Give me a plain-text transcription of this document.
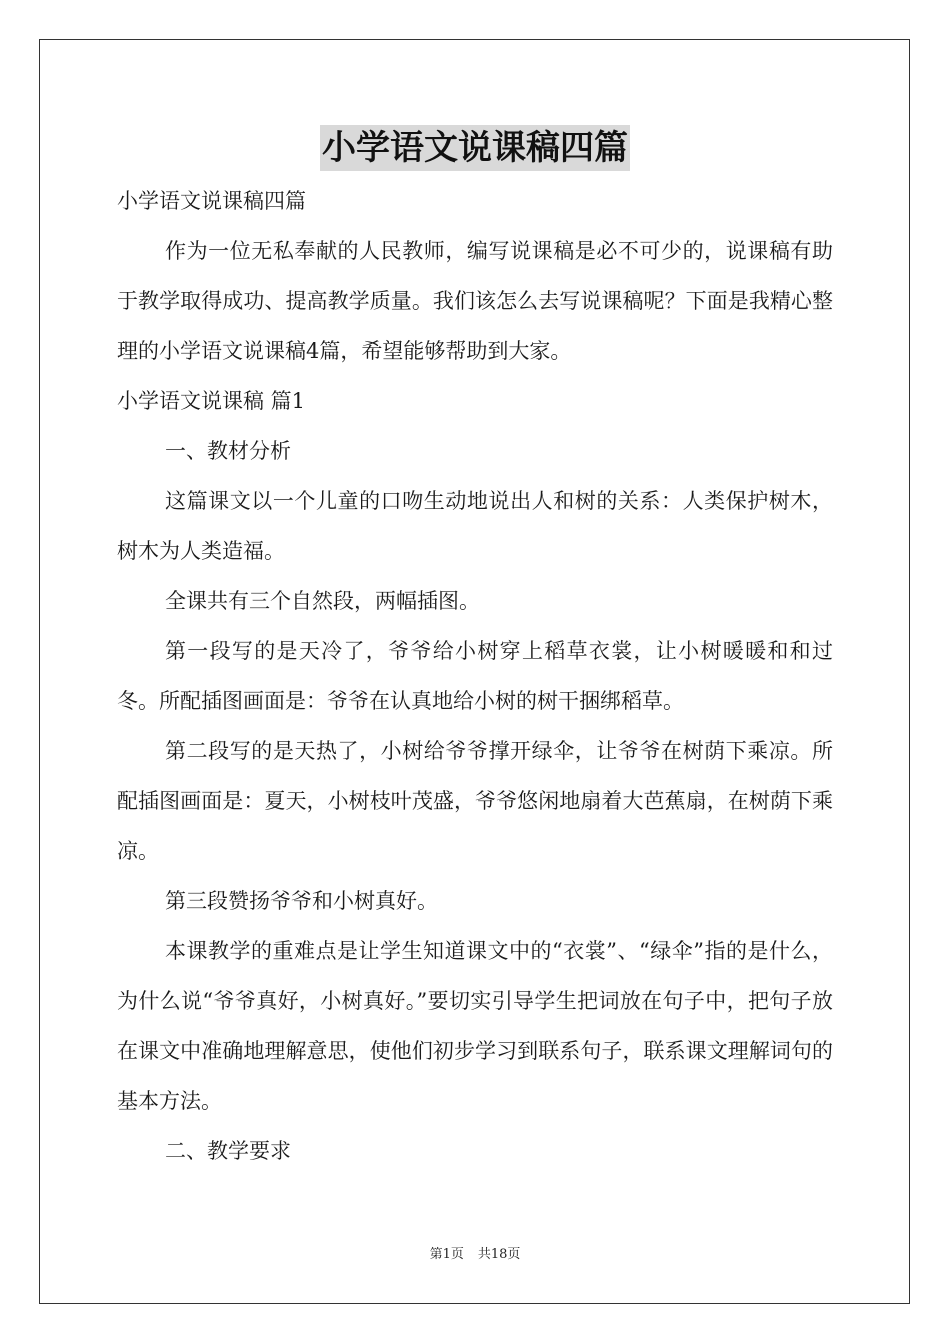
小学语文说课稿四篇

小学语文说课稿四篇

作为一位无私奉献的人民教师，编写说课稿是必不可少的，说课稿有助于教学取得成功、提高教学质量。我们该怎么去写说课稿呢？下面是我精心整理的小学语文说课稿4篇，希望能够帮助到大家。

小学语文说课稿 篇1

一、教材分析

这篇课文以一个儿童的口吻生动地说出人和树的关系：人类保护树木，树木为人类造福。

全课共有三个自然段，两幅插图。

第一段写的是天冷了，爷爷给小树穿上稻草衣裳，让小树暖暖和和过冬。所配插图画面是：爷爷在认真地给小树的树干捆绑稻草。

第二段写的是天热了，小树给爷爷撑开绿伞，让爷爷在树荫下乘凉。所配插图画面是：夏天，小树枝叶茂盛，爷爷悠闲地扇着大芭蕉扇，在树荫下乘凉。

第三段赞扬爷爷和小树真好。

本课教学的重难点是让学生知道课文中的“衣裳”、“绿伞”指的是什么，为什么说“爷爷真好，小树真好。”要切实引导学生把词放在句子中，把句子放在课文中准确地理解意思，使他们初步学习到联系句子，联系课文理解词句的基本方法。

二、教学要求

第1页 共18页
